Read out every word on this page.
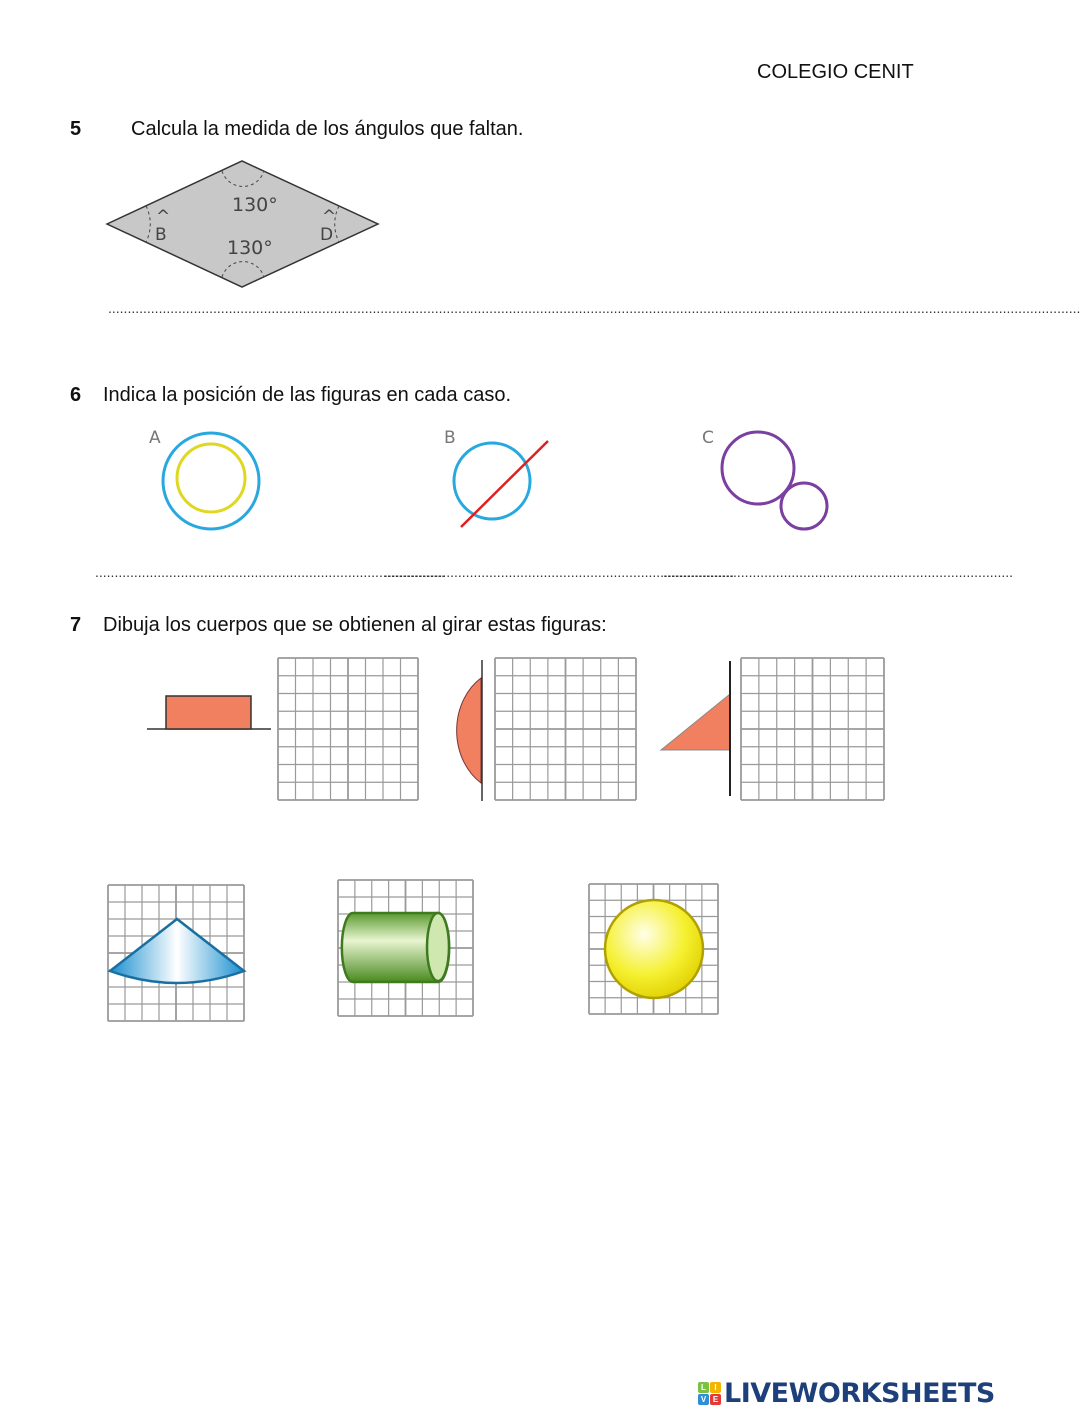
COLEGIO CENIT
5 Calcula la medida de los ángulos que faltan.
..........................................................................................................................................................................................................................................................
6 Indica la posición de las figuras en cada caso.
..........................................................................................
..........................................................................................
..........................................................................................
7 Dibuja los cuerpos que se obtienen al girar estas figuras:
130°
130°
^
B
^
D
A	B	C
L	I
V E LIVEWORKSHEETS
